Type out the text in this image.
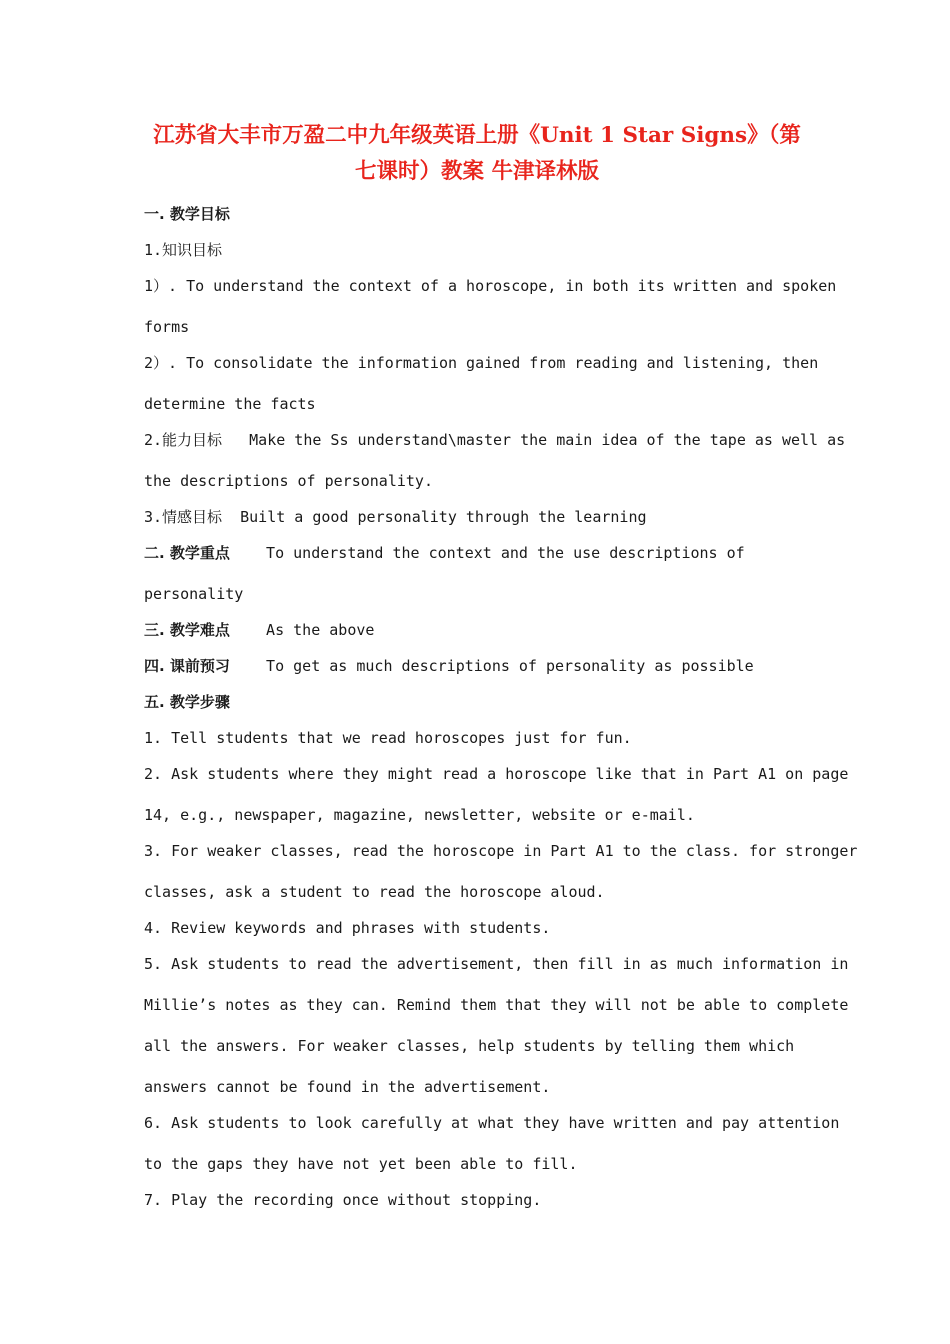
江苏省大丰市万盈二中九年级英语上册《Unit 1 Star Signs》（第
七课时）教案 牛津译林版

一. 教学目标

1.知识目标

1）. To understand the context of a horoscope, in both its written and spoken

forms

2）. To consolidate the information gained from reading and listening, then

determine the facts

2.能力目标   Make the Ss understand\master the main idea of the tape as well as

the descriptions of personality.

3.情感目标  Built a good personality through the learning

二. 教学重点    To understand the context and the use descriptions of

personality

三. 教学难点    As the above

四. 课前预习    To get as much descriptions of personality as possible

五. 教学步骤

1. Tell students that we read horoscopes just for fun.

2. Ask students where they might read a horoscope like that in Part A1 on page

14, e.g., newspaper, magazine, newsletter, website or e-mail.

3. For weaker classes, read the horoscope in Part A1 to the class. for stronger

classes, ask a student to read the horoscope aloud.

4. Review keywords and phrases with students.

5. Ask students to read the advertisement, then fill in as much information in

Millie’s notes as they can. Remind them that they will not be able to complete

all the answers. For weaker classes, help students by telling them which

answers cannot be found in the advertisement.

6. Ask students to look carefully at what they have written and pay attention

to the gaps they have not yet been able to fill.

7. Play the recording once without stopping.
